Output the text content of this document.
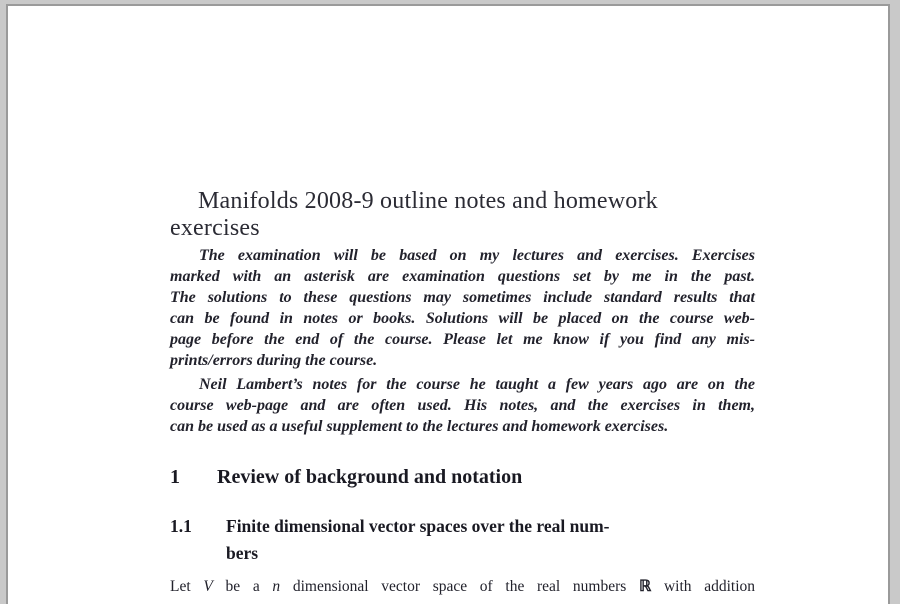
Manifolds 2008-9 outline notes and homework
exercises

The examination will be based on my lectures and exercises. Exercises
marked with an asterisk are examination questions set by me in the past.
The solutions to these questions may sometimes include standard results that
can be found in notes or books. Solutions will be placed on the course web-
page before the end of the course. Please let me know if you find any mis-
prints/errors during the course.

Neil Lambert’s notes for the course he taught a few years ago are on the
course web-page and are often used. His notes, and the exercises in them,
can be used as a useful supplement to the lectures and homework exercises.

1	Review of background and notation
1.1	Finite dimensional vector spaces over the real num-
bers

Let V be a n dimensional vector space of the real numbers ℝ with addition
